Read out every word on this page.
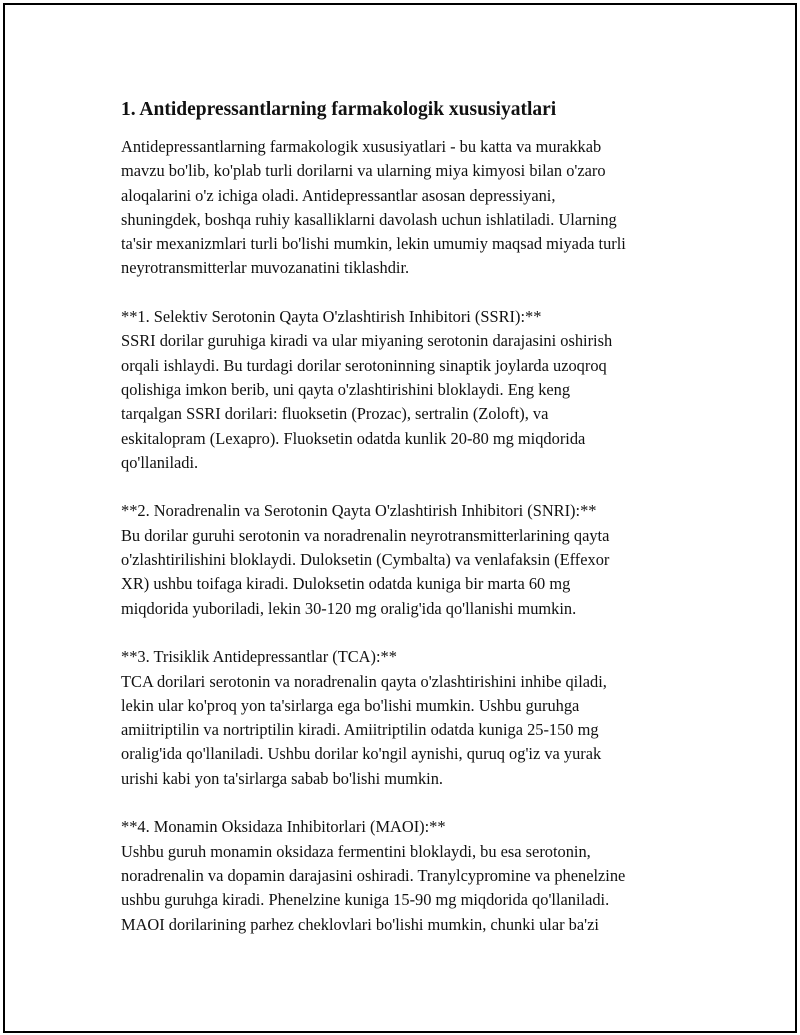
1. Antidepressantlarning farmakologik xususiyatlari
Antidepressantlarning farmakologik xususiyatlari - bu katta va murakkab
mavzu bo'lib, ko'plab turli dorilarni va ularning miya kimyosi bilan o'zaro
aloqalarini o'z ichiga oladi. Antidepressantlar asosan depressiyani,
shuningdek, boshqa ruhiy kasalliklarni davolash uchun ishlatiladi. Ularning
ta'sir mexanizmlari turli bo'lishi mumkin, lekin umumiy maqsad miyada turli
neyrotransmitterlar muvozanatini tiklashdir.
**1. Selektiv Serotonin Qayta O'zlashtirish Inhibitori (SSRI):**
SSRI dorilar guruhiga kiradi va ular miyaning serotonin darajasini oshirish
orqali ishlaydi. Bu turdagi dorilar serotoninning sinaptik joylarda uzoqroq
qolishiga imkon berib, uni qayta o'zlashtirishini bloklaydi. Eng keng
tarqalgan SSRI dorilari: fluoksetin (Prozac), sertralin (Zoloft), va
eskitalopram (Lexapro). Fluoksetin odatda kunlik 20-80 mg miqdorida
qo'llaniladi.
**2. Noradrenalin va Serotonin Qayta O'zlashtirish Inhibitori (SNRI):**
Bu dorilar guruhi serotonin va noradrenalin neyrotransmitterlarining qayta
o'zlashtirilishini bloklaydi. Duloksetin (Cymbalta) va venlafaksin (Effexor
XR) ushbu toifaga kiradi. Duloksetin odatda kuniga bir marta 60 mg
miqdorida yuboriladi, lekin 30-120 mg oralig'ida qo'llanishi mumkin.
**3. Trisiklik Antidepressantlar (TCA):**
TCA dorilari serotonin va noradrenalin qayta o'zlashtirishini inhibe qiladi,
lekin ular ko'proq yon ta'sirlarga ega bo'lishi mumkin. Ushbu guruhga
amiitriptilin va nortriptilin kiradi. Amiitriptilin odatda kuniga 25-150 mg
oralig'ida qo'llaniladi. Ushbu dorilar ko'ngil aynishi, quruq og'iz va yurak
urishi kabi yon ta'sirlarga sabab bo'lishi mumkin.
**4. Monamin Oksidaza Inhibitorlari (MAOI):**
Ushbu guruh monamin oksidaza fermentini bloklaydi, bu esa serotonin,
noradrenalin va dopamin darajasini oshiradi. Tranylcypromine va phenelzine
ushbu guruhga kiradi. Phenelzine kuniga 15-90 mg miqdorida qo'llaniladi.
MAOI dorilarining parhez cheklovlari bo'lishi mumkin, chunki ular ba'zi
